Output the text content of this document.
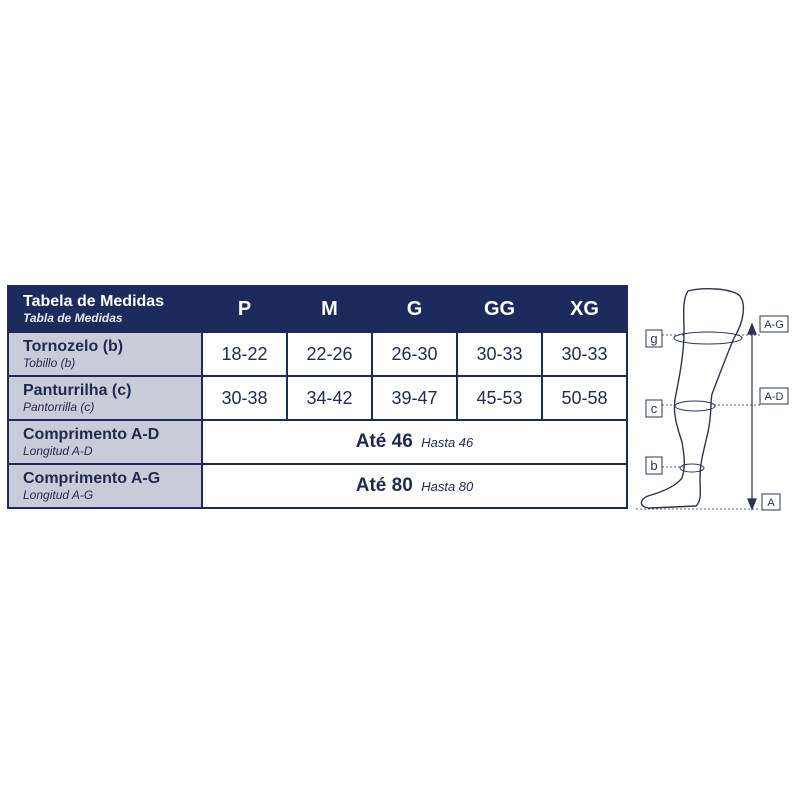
Tabela de Medidas
Tabla de Medidas	P	M	G	GG	XG

Tornozelo (b)
Tobillo (b)	18-22	22-26	26-30	30-33	30-33

Panturrilha (c)
Pantorrilla (c)	30-38	34-42	39-47	45-53	50-58

Comprimento A-D
Longitud A-D	Até 46 Hasta 46				

Comprimento A-G
Longitud A-G	Até 80 Hasta 80				
g
c
b
A-G
A-D
A
